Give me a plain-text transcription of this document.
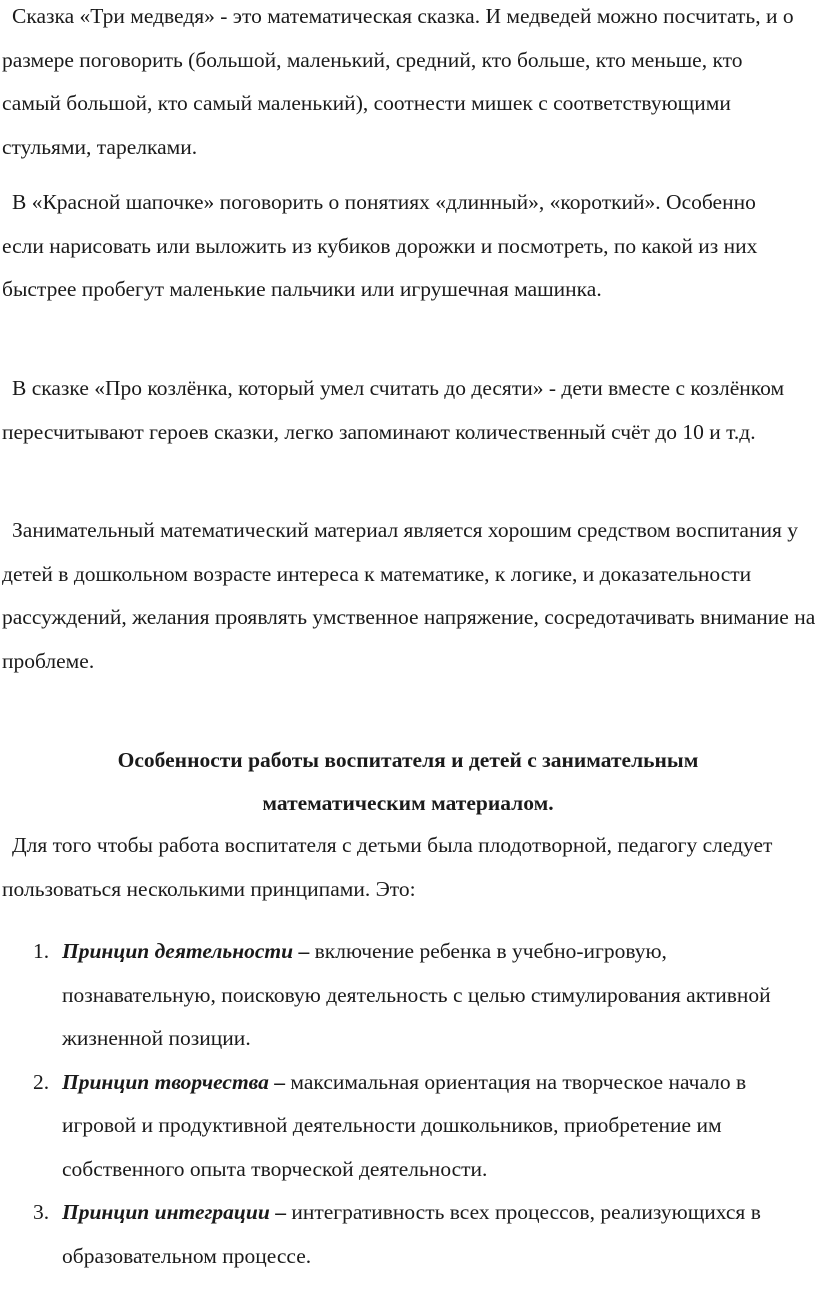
Сказка «Три медведя» - это математическая сказка. И медведей можно посчитать, и о размере поговорить (большой, маленький, средний, кто больше, кто меньше, кто самый большой, кто самый маленький), соотнести мишек с соответствующими стульями, тарелками.

В «Красной шапочке» поговорить о понятиях «длинный», «короткий». Особенно если нарисовать или выложить из кубиков дорожки и посмотреть, по какой из них быстрее пробегут маленькие пальчики или игрушечная машинка.

В сказке «Про козлёнка, который умел считать до десяти» - дети вместе с козлёнком пересчитывают героев сказки, легко запоминают количественный счёт до 10 и т.д.

Занимательный математический материал является хорошим средством воспитания у детей в дошкольном возрасте интереса к математике, к логике, и доказательности рассуждений, желания проявлять умственное напряжение, сосредотачивать внимание на проблеме.

Особенности работы воспитателя и детей с занимательным математическим материалом.

Для того чтобы работа воспитателя с детьми была плодотворной, педагогу следует пользоваться несколькими принципами. Это:

1. Принцип деятельности – включение ребенка в учебно-игровую, познавательную, поисковую деятельность с целью стимулирования активной жизненной позиции.
2. Принцип творчества – максимальная ориентация на творческое начало в игровой и продуктивной деятельности дошкольников, приобретение им собственного опыта творческой деятельности.
3. Принцип интеграции – интегративность всех процессов, реализующихся в образовательном процессе.
